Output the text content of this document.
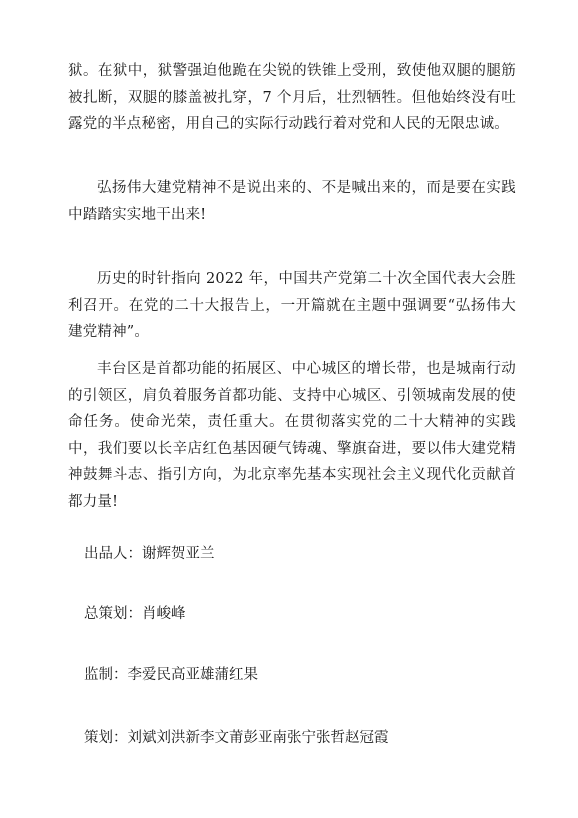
狱。在狱中，狱警强迫他跪在尖锐的铁锥上受刑，致使他双腿的腿筋被扎断，双腿的膝盖被扎穿，7 个月后，壮烈牺牲。但他始终没有吐露党的半点秘密，用自己的实际行动践行着对党和人民的无限忠诚。

弘扬伟大建党精神不是说出来的、不是喊出来的，而是要在实践中踏踏实实地干出来!

历史的时针指向 2022 年，中国共产党第二十次全国代表大会胜利召开。在党的二十大报告上，一开篇就在主题中强调要“弘扬伟大建党精神”。

丰台区是首都功能的拓展区、中心城区的增长带，也是城南行动的引领区，肩负着服务首都功能、支持中心城区、引领城南发展的使命任务。使命光荣，责任重大。在贯彻落实党的二十大精神的实践中，我们要以长辛店红色基因硬气铸魂、擎旗奋进，要以伟大建党精神鼓舞斗志、指引方向，为北京率先基本实现社会主义现代化贡献首都力量!

出品人：谢辉贺亚兰

总策划：肖峻峰

监制：李爱民高亚雄蒲红果

策划：刘斌刘洪新李文莆彭亚南张宁张哲赵冠霞
